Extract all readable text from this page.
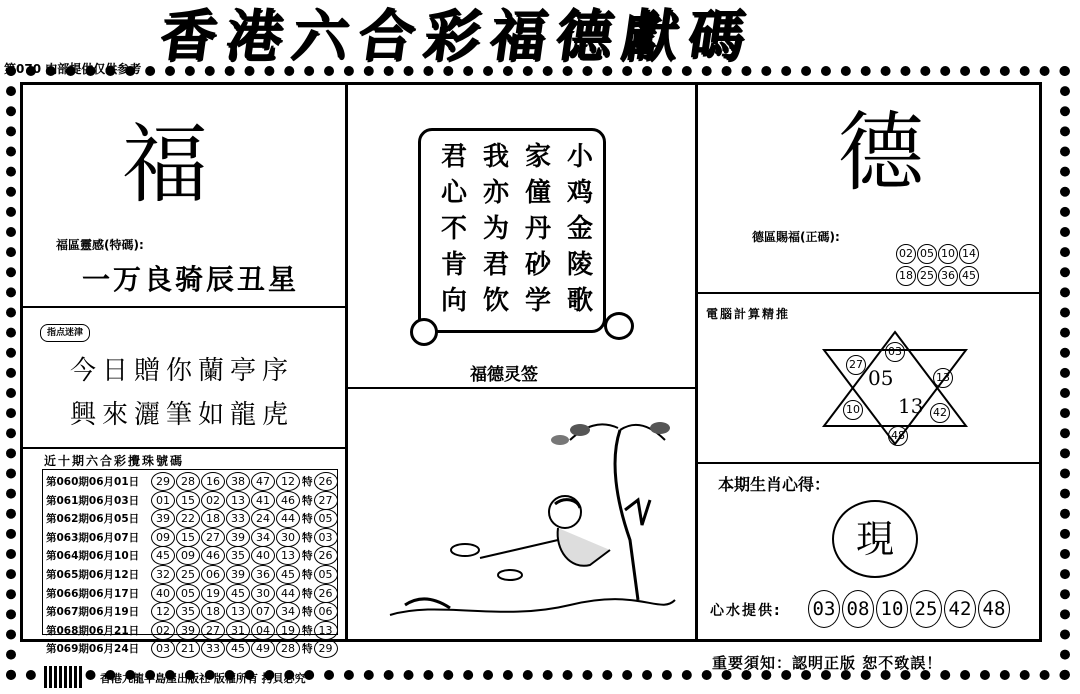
香港六合彩福德獻碼
第070 内部提供仅供参考
福
福區靈感(特碼):
一万良骑辰丑星
指点迷津
今日贈你蘭亭序
興來灑筆如龍虎
近十期六合彩攪珠號碼
第060期06月01日 29 28 16 38 47 12 特 26
第061期06月03日 01 15 02 13 41 46 特 27
第062期06月05日 39 22 18 33 24 44 特 05
第063期06月07日 09 15 27 39 34 30 特 03
第064期06月10日 45 09 46 35 40 13 特 26
第065期06月12日 32 25 06 39 36 45 特 05
第066期06月17日 40 05 19 45 30 44 特 26
第067期06月19日 12 35 18 13 07 34 特 06
第068期06月21日 02 39 27 31 04 19 特 13
第069期06月24日 03 21 33 45 49 28 特 29
小鸡金陵歌
家僮丹砂学
我亦为君饮
君心不肯向
福德灵签
德
德區賜福(正碼):
02 05 10 14
18 25 36 45
電腦計算精推
03
27
05	13
10 13 42
48
本期生肖心得：
現
心水提供: 03 08 10 25 42 48
香港九龍半島屋出版社 版權所有 拷貝必究
重要須知：認明正版 恕不致誤！
